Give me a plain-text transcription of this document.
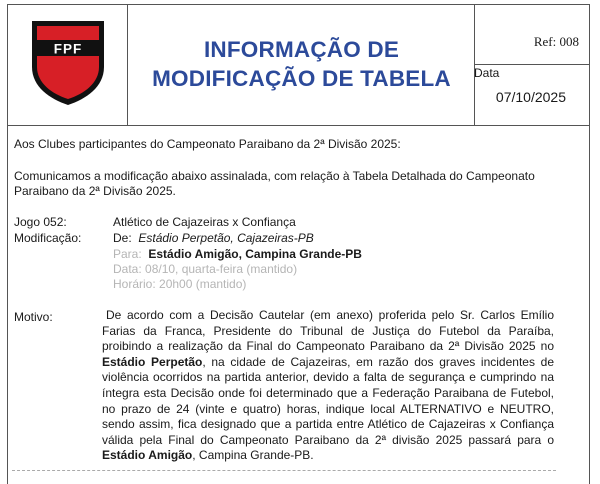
FPF	INFORMAÇÃO DE
MODIFICAÇÃO DE TABELA
Ref: 008
Data
07/10/2025
Aos Clubes participantes do Campeonato Paraibano da 2ª Divisão 2025:
Comunicamos a modificação abaixo assinalada, com relação à Tabela Detalhada do Campeonato
Paraibano da 2ª Divisão 2025.
Jogo 052:	Atlético de Cajazeiras x Confiança
Modificação:	De: Estádio Perpetão, Cajazeiras-PB
Para: Estádio Amigão, Campina Grande-PB
Data: 08/10, quarta-feira (mantido)
Horário: 20h00 (mantido)
Motivo:	De acordo com a Decisão Cautelar (em anexo) proferida pelo Sr. Carlos Emílio Farias da Franca, Presidente do Tribunal de Justiça do Futebol da Paraíba, proibindo a realização da Final do Campeonato Paraibano da 2ª Divisão 2025 no Estádio Perpetão, na cidade de Cajazeiras, em razão dos graves incidentes de violência ocorridos na partida anterior, devido a falta de segurança e cumprindo na íntegra esta Decisão onde foi determinado que a Federação Paraibana de Futebol, no prazo de 24 (vinte e quatro) horas, indique local ALTERNATIVO e NEUTRO, sendo assim, fica designado que a partida entre Atlético de Cajazeiras x Confiança válida pela Final do Campeonato Paraibano da 2ª divisão 2025 passará para o Estádio Amigão, Campina Grande-PB.
